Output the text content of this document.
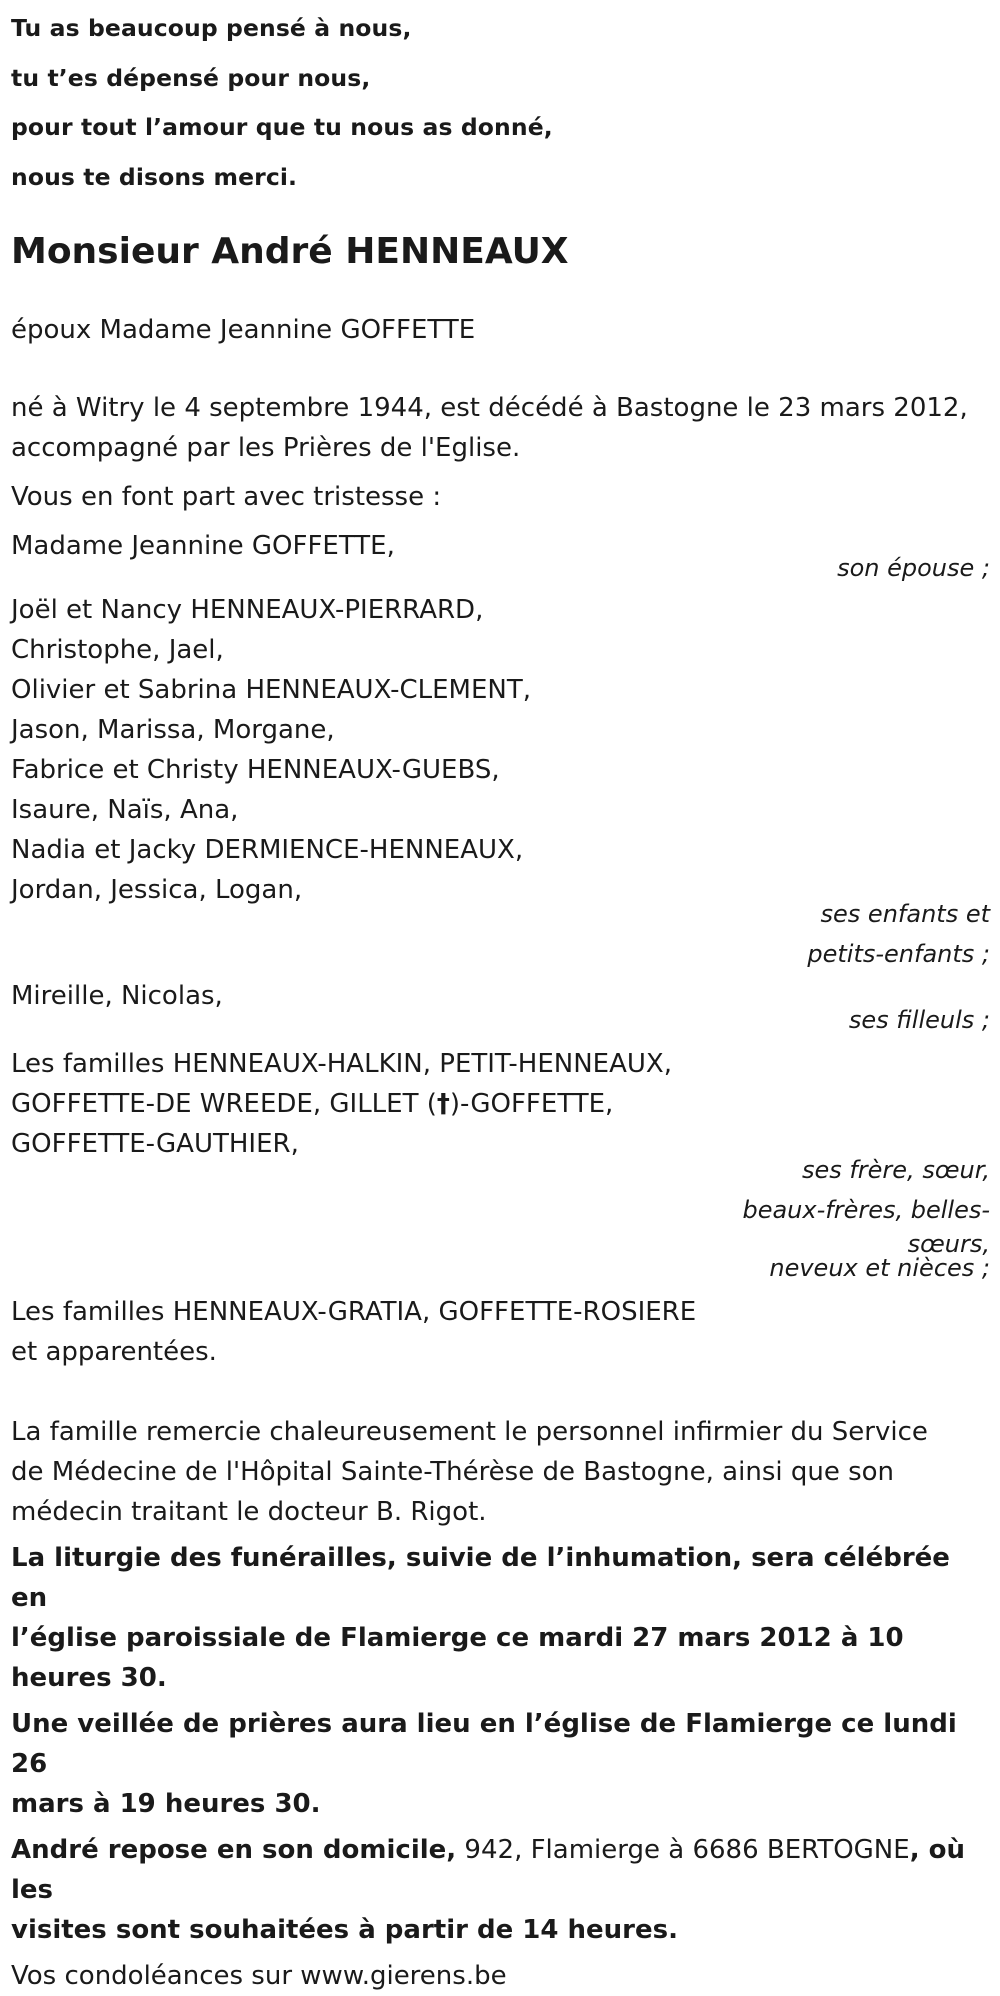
Tu as beaucoup pensé à nous,
tu t’es dépensé pour nous,
pour tout l’amour que tu nous as donné,
nous te disons merci.
Monsieur André HENNEAUX
époux Madame Jeannine GOFFETTE
né à Witry le 4 septembre 1944, est décédé à Bastogne le 23 mars 2012,
accompagné par les Prières de l'Eglise.
Vous en font part avec tristesse :
Madame Jeannine GOFFETTE,
son épouse ;
Joël et Nancy HENNEAUX-PIERRARD,
Christophe, Jael,
Olivier et Sabrina HENNEAUX-CLEMENT,
Jason, Marissa, Morgane,
Fabrice et Christy HENNEAUX-GUEBS,
Isaure, Naïs, Ana,
Nadia et Jacky DERMIENCE-HENNEAUX,
Jordan, Jessica, Logan,
ses enfants et
petits-enfants ;
Mireille, Nicolas,
ses filleuls ;
Les familles HENNEAUX-HALKIN, PETIT-HENNEAUX,
GOFFETTE-DE WREEDE, GILLET (†)-GOFFETTE,
GOFFETTE-GAUTHIER,
ses frère, sœur,
beaux-frères, belles-
sœurs,
neveux et nièces ;
Les familles HENNEAUX-GRATIA, GOFFETTE-ROSIERE
et apparentées.
La famille remercie chaleureusement le personnel infirmier du Service
de Médecine de l'Hôpital Sainte-Thérèse de Bastogne, ainsi que son
médecin traitant le docteur B. Rigot.
La liturgie des funérailles, suivie de l’inhumation, sera célébrée en
l’église paroissiale de Flamierge ce mardi 27 mars 2012 à 10 heures 30.
Une veillée de prières aura lieu en l’église de Flamierge ce lundi 26
mars à 19 heures 30.
André repose en son domicile, 942, Flamierge à 6686 BERTOGNE, où les
visites sont souhaitées à partir de 14 heures.
Vos condoléances sur www.gierens.be
